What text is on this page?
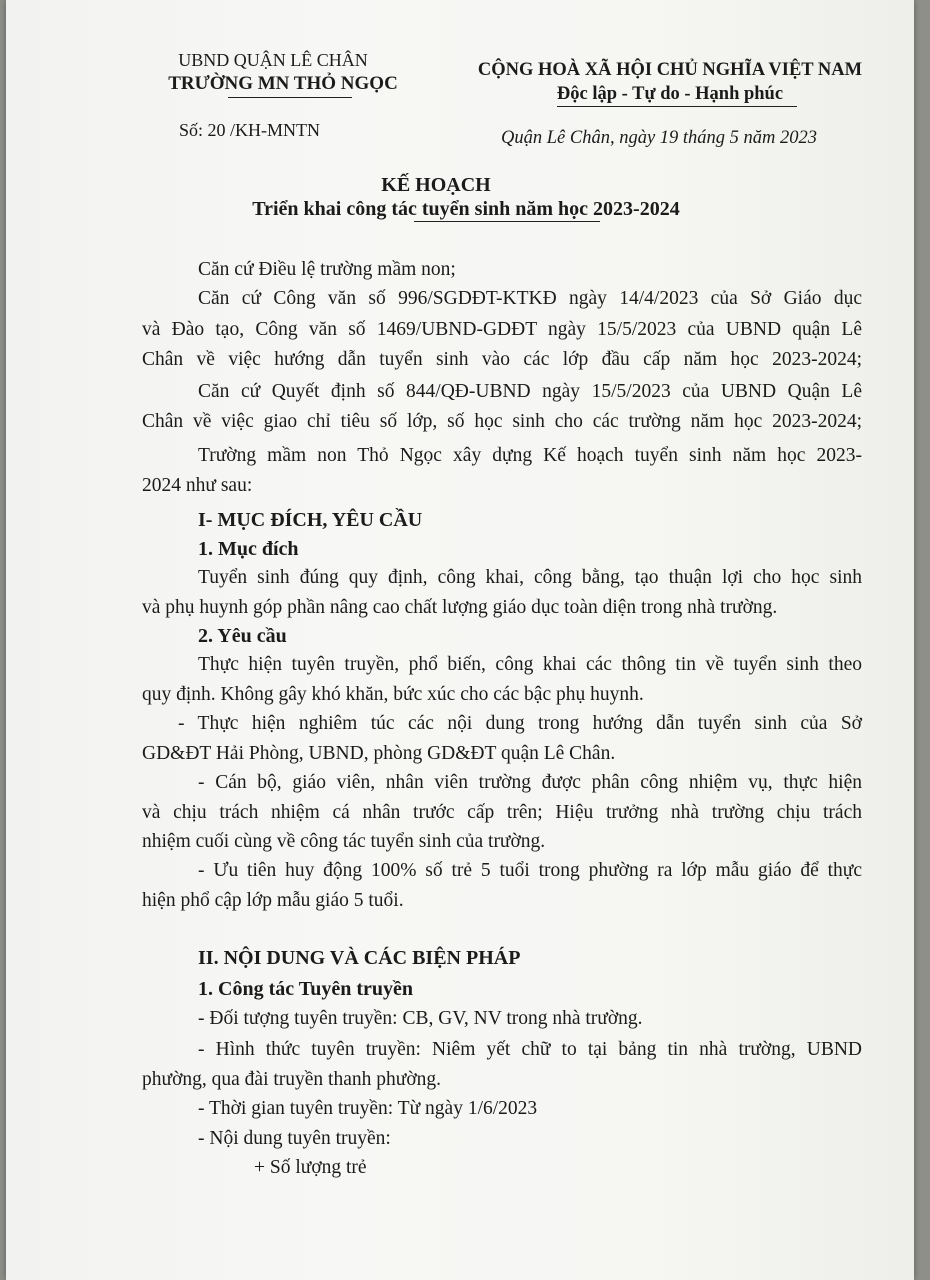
UBND QUẬN LÊ CHÂN
TRƯỜNG MN THỎ NGỌC
Số: 20 /KH-MNTN
CỘNG HOÀ XÃ HỘI CHỦ NGHĨA VIỆT NAM
Độc lập - Tự do - Hạnh phúc
Quận Lê Chân, ngày 19 tháng 5 năm 2023
KẾ HOẠCH
Triển khai công tác tuyển sinh năm học 2023-2024
Căn cứ Điều lệ trường mầm non;
Căn cứ Công văn số 996/SGDĐT-KTKĐ ngày 14/4/2023 của Sở Giáo dục
và Đào tạo, Công văn số 1469/UBND-GDĐT ngày 15/5/2023 của UBND quận Lê
Chân về việc hướng dẫn tuyển sinh vào các lớp đầu cấp năm học 2023-2024;
Căn cứ Quyết định số 844/QĐ-UBND ngày 15/5/2023 của UBND Quận Lê
Chân về việc giao chỉ tiêu số lớp, số học sinh cho các trường năm học 2023-2024;
Trường mầm non Thỏ Ngọc xây dựng Kế hoạch tuyển sinh năm học 2023-
2024 như sau:
I- MỤC ĐÍCH, YÊU CẦU
1. Mục đích
Tuyển sinh đúng quy định, công khai, công bằng, tạo thuận lợi cho học sinh
và phụ huynh góp phần nâng cao chất lượng giáo dục toàn diện trong nhà trường.
2. Yêu cầu
Thực hiện tuyên truyền, phổ biến, công khai các thông tin về tuyển sinh theo
quy định. Không gây khó khăn, bức xúc cho các bậc phụ huynh.
- Thực hiện nghiêm túc các nội dung trong hướng dẫn tuyển sinh của Sở
GD&ĐT Hải Phòng, UBND, phòng GD&ĐT quận Lê Chân.
- Cán bộ, giáo viên, nhân viên trường được phân công nhiệm vụ, thực hiện
và chịu trách nhiệm cá nhân trước cấp trên; Hiệu trưởng nhà trường chịu trách
nhiệm cuối cùng về công tác tuyển sinh của trường.
- Ưu tiên huy động 100% số trẻ 5 tuổi trong phường ra lớp mẫu giáo để thực
hiện phổ cập lớp mẫu giáo 5 tuổi.
II. NỘI DUNG VÀ CÁC BIỆN PHÁP
1. Công tác Tuyên truyền
- Đối tượng tuyên truyền: CB, GV, NV trong nhà trường.
- Hình thức tuyên truyền: Niêm yết chữ to tại bảng tin nhà trường, UBND
phường, qua đài truyền thanh phường.
- Thời gian tuyên truyền: Từ ngày 1/6/2023
- Nội dung tuyên truyền:
+ Số lượng trẻ
